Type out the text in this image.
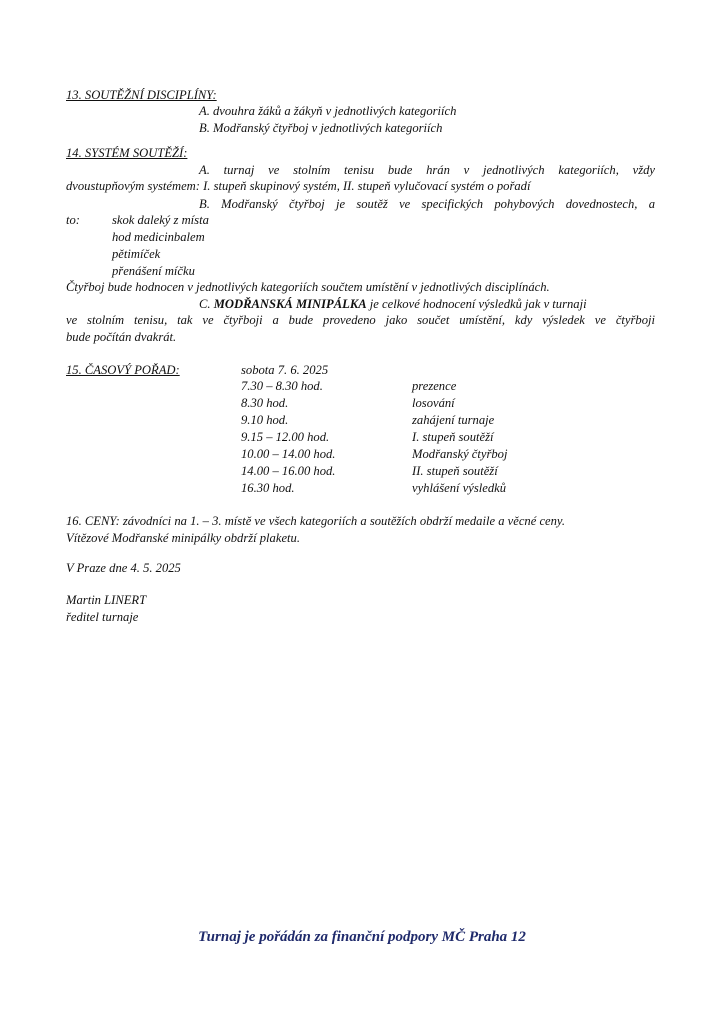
13. SOUTĚŽNÍ DISCIPLÍNY:
A. dvouhra žáků a žákyň v jednotlivých kategoriích
B. Modřanský čtyřboj v jednotlivých kategoriích
14. SYSTÉM SOUTĚŽÍ:
A. turnaj ve stolním tenisu bude hrán v jednotlivých kategoriích, vždy
dvoustupňovým systémem: I. stupeň skupinový systém, II. stupeň vylučovací systém o pořadí
B. Modřanský čtyřboj je soutěž ve specifických pohybových dovednostech, a
to:	skok daleký z místa
hod medicinbalem
pětimíček
přenášení míčku
Čtyřboj bude hodnocen v jednotlivých kategoriích součtem umístění v jednotlivých disciplínách.
C. MODŘANSKÁ MINIPÁLKA je celkové hodnocení výsledků jak v turnaji
ve stolním tenisu, tak ve čtyřboji a bude provedeno jako součet umístění, kdy výsledek ve čtyřboji
bude počítán dvakrát.
15. ČASOVÝ POŘAD:	sobota 7. 6. 2025
7.30 – 8.30 hod.	prezence
8.30 hod.	losování
9.10 hod.	zahájení turnaje
9.15 – 12.00 hod.	I. stupeň soutěží
10.00 – 14.00 hod.	Modřanský čtyřboj
14.00 – 16.00 hod.	II. stupeň soutěží
16.30 hod.	vyhlášení výsledků
16. CENY: závodníci na 1. – 3. místě ve všech kategoriích a soutěžích obdrží medaile a věcné ceny.
Vítězové Modřanské minipálky obdrží plaketu.
V Praze dne 4. 5. 2025
Martin LINERT
ředitel turnaje
Turnaj je pořádán za finanční podpory MČ Praha 12
